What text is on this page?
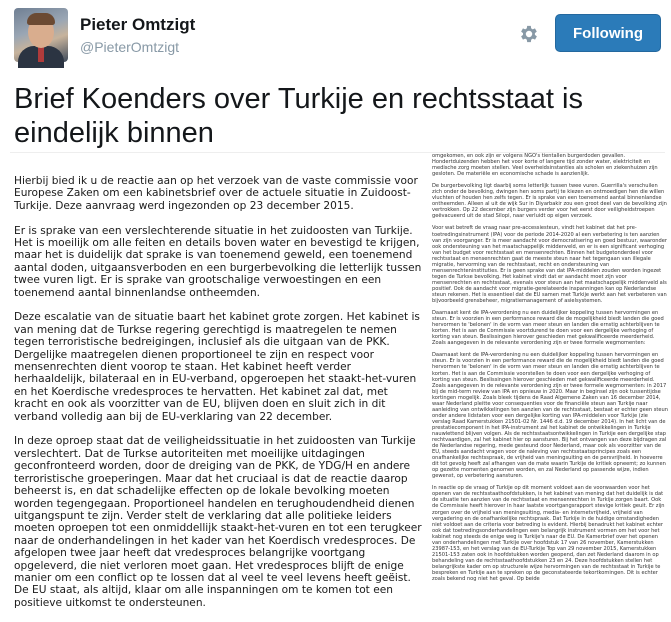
Pieter Omtzigt
@PieterOmtzigt
Following
Brief Koenders over Turkije en rechtsstaat is eindelijk binnen

Hierbij bied ik u de reactie aan op het verzoek van de vaste commissie voor Europese Zaken om een kabinetsbrief over de actuele situatie in Zuidoost-Turkije. Deze aanvraag werd ingezonden op 23 december 2015.

Er is sprake van een verslechterende situatie in het zuidoosten van Turkije. Het is moeilijk om alle feiten en details boven water en bevestigd te krijgen, maar het is duidelijk dat sprake is van toenemend geweld, een toenemend aantal doden, uitgaansverboden en een burgerbevolking die letterlijk tussen twee vuren ligt. Er is sprake van grootschalige verwoestingen en een toenemend aantal binnenlandse ontheemden.

Deze escalatie van de situatie baart het kabinet grote zorgen. Het kabinet is van mening dat de Turkse regering gerechtigd is maatregelen te nemen tegen terroristische bedreigingen, inclusief als die uitgaan van de PKK. Dergelijke maatregelen dienen proportioneel te zijn en respect voor mensenrechten dient voorop te staan. Het kabinet heeft verder herhaaldelijk, bilateraal en in EU-verband, opgeroepen het staakt-het-vuren en het Koerdische vredesproces te hervatten. Het kabinet zal dat, met kracht en ook als voorzitter van de EU, blijven doen en sluit zich in dit verband volledig aan bij de EU-verklaring van 22 december.

In deze oproep staat dat de veiligheidssituatie in het zuidoosten van Turkije verslechtert. Dat de Turkse autoriteiten met moeilijke uitdagingen geconfronteerd worden, door de dreiging van de PKK, de YDG/H en andere terroristische groeperingen. Maar dat het cruciaal is dat de reactie daarop beheerst is, en dat schadelijke effecten op de lokale bevolking moeten worden tegengegaan. Proportioneel handelen en terughoudendheid dienen uitgangspunt te zijn. Verder stelt de verklaring dat alle politieke leiders moeten oproepen tot een onmiddellijk staakt-het-vuren en tot een terugkeer naar de onderhandelingen in het kader van het Koerdisch vredesproces. De afgelopen twee jaar heeft dat vredesproces belangrijke voortgang opgeleverd, die niet verloren moet gaan. Het vredesproces blijft de enige manier om een conflict op te lossen dat al veel te veel levens heeft geëist. De EU staat, als altijd, klaar om alle inspanningen om te komen tot een positieve uitkomst te ondersteunen.

omgekomen, en ook zijn er volgens NGO's tientallen burgerdoden gevallen. Hondertduizenden hebben het voor korte of langere tijd zonder water, elektriciteit en medische zorg moeten stellen. Veel overheidsinstanties als scholen en ziekenhuizen zijn gesloten. De materiële en economische schade is aanzienlijk.

De burgerbevolking ligt daarbij soms letterlijk tussen twee vuren. Guerrilla's verschuilen zich onder de bevolking, dwingen hen soms partij te kiezen en ontmoedigen hen die willen vluchten of houden hen zelfs tegen. Er is sprake van een toenemend aantal binnenlandse ontheemden. Alleen al uit de wijk Sur in Diyarbakir zou een groot deel van de bevolking zijn vertrokken. Op 22 december zijn burgers verder voor het eerst door veiligheidstroepen geëvacueerd uit de stad Silopi, naar verluidt op eigen verzoek.

Voor wat betreft de vraag naar pre-accessiesteun, vindt het kabinet dat het pre-toetredingsinstrument (IPA) voor de periode 2014-2020 al een verbetering is ten aanzien van zijn voorganger. Er is meer aandacht voor democratisering en goed bestuur, waaronder ook ondersteuning van het maatschappelijk middenveld, en er is een significant verhoging van het budget voor rechtsstaat en mensenrechten. Binnen het budgetonderdeel voor rechtsstaat en mensenrechten gaat de meeste steun naar het tegengaan van illegale migratie, hervorming van de rechtsstaat, recht en ondersteuning van mensenrechteninstituties. Er is geen sprake van dat IPA-middelen zouden worden ingezet tegen de Turkse bevolking. Het kabinet vindt dat er aandacht moet zijn voor mensenrechten en rechtsstaat, evenals voor steun aan het maatschappelijk middenveld als positief. Ook de aandacht voor migratie-gerelateerde inspanningen kan op Nederlandse steun rekenen. Het is essentieel dat de EU samen met Turkije werkt aan het verbeteren van bijvoorbeeld grensbeheer, migratiemanagement of asielsystemen.

Daarnaast kent de IPA-verordening nu een duidelijker koppeling tussen hervormingen en steun. Er is voorzien in een performance reward die de mogelijkheid biedt landen die goed hervormen te 'belonen' in de vorm van meer steun en landen die ernstig achterblijven te korten. Het is aan de Commissie voortdurend te doen voor een dergelijke verhoging of korting van steun. Beslissingen hierover geschieden met gekwalificeerde meerderheid. Zoals aangegeven in de relevante verordening zijn er twee formele wegmomenten:

Daarnaast kent de IPA-verordening nu een duidelijker koppeling tussen hervormingen en steun. Er is voorzien in een performance reward die de mogelijkheid biedt landen die goed hervormen te 'belonen' in de vorm van meer steun en landen die ernstig achterblijven te korten. Het is aan de Commissie voorstellen te doen voor een dergelijke verhoging of korting van steun. Beslissingen hierover geschieden met gekwalificeerde meerderheid. Zoals aangegeven in de relevante verordening zijn er twee formele wegmomenten: in 2017 bij de mid-term review van IPA en opnieuw in 2020. Maar in beginsel zijn ook tussentijdse kortingen mogelijk. Zoals bleek tijdens de Raad Algemene Zaken van 16 december 2014, waar Nederland pleitte voor consequenties voor de financiële steun aan Turkije naar aanleiding van ontwikkelingen ten aanzien van de rechtsstaat, bestaat er echter geen steun onder andere lidstaten voor een dergelijke korting van IPA-middelen voor Turkije (zie verslag Raad Kamerstukken 21501-02 Nr. 1446 d.d. 19 december 2014). In het licht van de prestatiecomponent in het IPA-instrument zal het kabinet de ontwikkelingen in Turkije nauwlettend blijven volgen. Als de rechtsstaatsontwikkelingen in Turkije een dergelijke stap rechtvaardigen, zal het kabinet hier op aansturen. Bij het ontvangen van deze bijdragen zal de Nederlandse regering, mede gesteund door Nederland, maar ook als voorzitter van de EU, steeds aandacht vragen voor de naleving van rechtsstaatsprincipes zoals een onafhankelijke rechtsspraak, de vrijheid van meningsuiting en de persvrijheid. In hoeverre dit tot gevolg heeft zal afhangen van de mate waarin Turkije de kritiek opneemt; zo kunnen op gezette momenten genomen worden, en zal Nederland op passende wijze, indien gewenst, op verbetering aansturen.

In reactie op de vraag of Turkije op dit moment voldoet aan de voorwaarden voor het openen van de rechtsstaathoofdstukken, is het kabinet van mening dat het duidelijk is dat de situatie ten aanzien van de rechtsstaat en mensenrechten in Turkije zorgen baart. Ook de Commissie heeft hierover in haar laatste voortgangsrapport stevige kritiek geuit. Er zijn zorgen over de vrijheid van meningsuiting, media- en internetvrijheid, vrijheid van vergadering en de onafhankelijke rechtspraak. Dat Turkije in de huidige omstandigheden niet voldoet aan de criteria voor betreding is evident. Hierbij benadrukt het kabinet echter ook dat toetredingsonderhandelingen een belangrijk instrument vormen om het voor het kabinet nog steeds de enige weg is Turkije's naar de EU. De Kamerbrief over het openen van onderhandelingen met Turkije over hoofdstuk 17 van 26 november, Kamerstukken 23987-153, en het verslag van de EU-Turkije Top van 29 november 2015, Kamerstukken 21501-153 zaten ook in hoofdstukken worden geopend, dan zet Nederland daarom in op behandeling van de rechtsstaathoofdstukken 23 en 24. Deze hoofdstukken stellen het belangrijkste kader om op structurele wijze hervormingen van de rechtsstaat in Turkije te bespreken en Turkije aan te spreken op de geconstateerde tekortkomingen. Dit is echter zoals bekend nog niet het geval. Op beide
